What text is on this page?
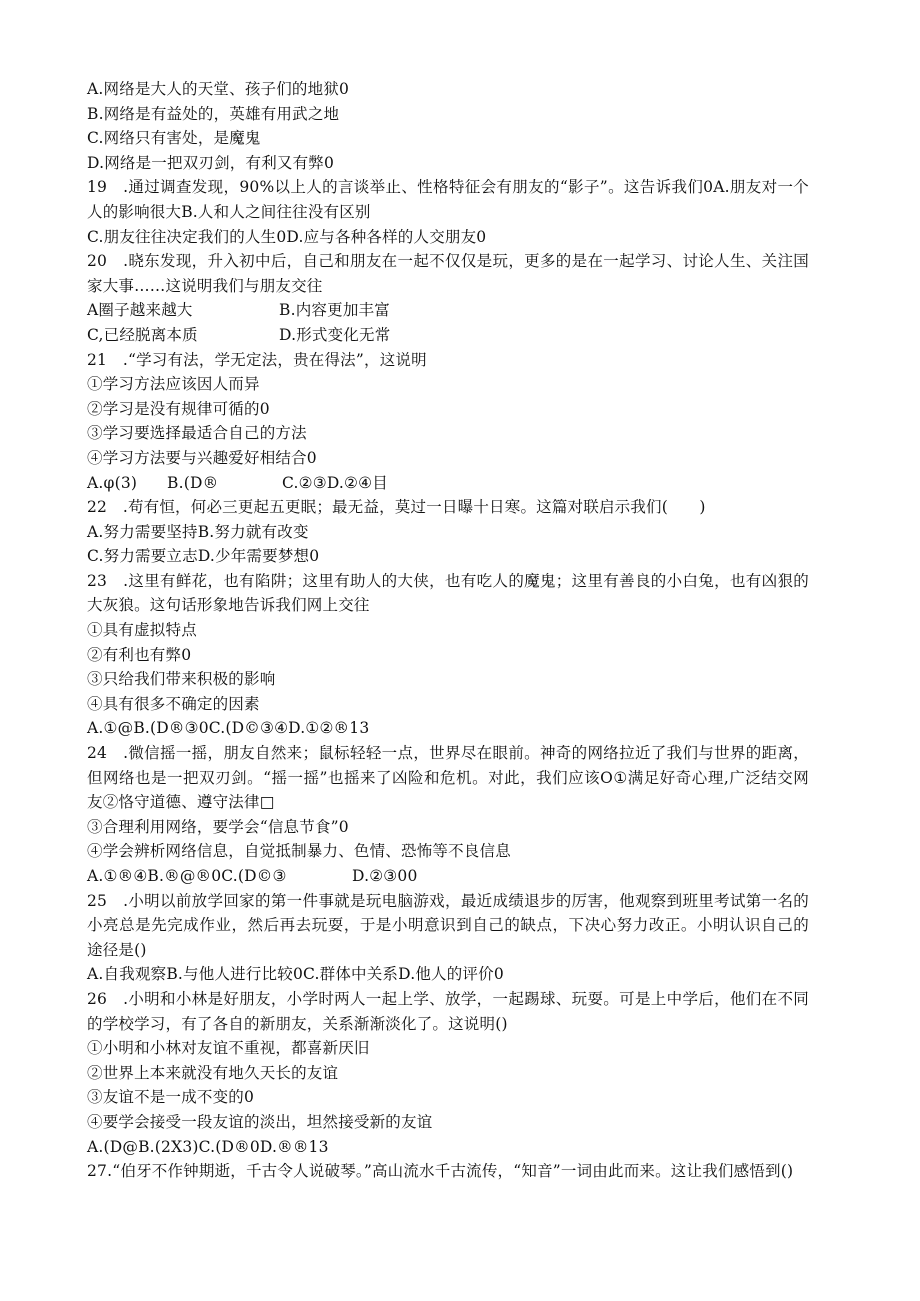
A.网络是大人的天堂、孩子们的地狱0
B.网络是有益处的，英雄有用武之地
C.网络只有害处，是魔鬼
D.网络是一把双刃剑，有利又有弊0
19　.通过调查发现，90%以上人的言谈举止、性格特征会有朋友的“影子”。这告诉我们0A.朋友对一个人的影响很大B.人和人之间往往没有区别
C.朋友往往决定我们的人生0D.应与各种各样的人交朋友0
20　.晓东发现，升入初中后，自己和朋友在一起不仅仅是玩，更多的是在一起学习、讨论人生、关注国家大事……这说明我们与朋友交往
A圈子越来越大	B.内容更加丰富
C,已经脱离本质	D.形式变化无常
21　.“学习有法，学无定法，贵在得法”，这说明
①学习方法应该因人而异
②学习是没有规律可循的0
③学习要选择最适合自己的方法
④学习方法要与兴趣爱好相结合0
A.φ(3)	B.(D®	C.②③D.②④目
22　.苟有恒，何必三更起五更眠；最无益，莫过一日曝十日寒。这篇对联启示我们(　　)
A.努力需要坚持B.努力就有改变
C.努力需要立志D.少年需要梦想0
23　.这里有鲜花，也有陷阱；这里有助人的大侠，也有吃人的魔鬼；这里有善良的小白兔，也有凶狠的大灰狼。这句话形象地告诉我们网上交往
①具有虚拟特点
②有利也有弊0
③只给我们带来积极的影响
④具有很多不确定的因素
A.①@B.(D®③0C.(D©③④D.①②®13
24　.微信摇一摇，朋友自然来；鼠标轻轻一点，世界尽在眼前。神奇的网络拉近了我们与世界的距离，但网络也是一把双刃剑。“摇一摇”也摇来了凶险和危机。对此，我们应该O①满足好奇心理,广泛结交网友②恪守道德、遵守法律□
③合理利用网络，要学会“信息节食”0
④学会辨析网络信息，自觉抵制暴力、色情、恐怖等不良信息
A.①®④B.®@®0C.(D©③	D.②③00
25　.小明以前放学回家的第一件事就是玩电脑游戏，最近成绩退步的厉害，他观察到班里考试第一名的小亮总是先完成作业，然后再去玩耍，于是小明意识到自己的缺点，下决心努力改正。小明认识自己的途径是()
A.自我观察B.与他人进行比较0C.群体中关系D.他人的评价0
26　.小明和小林是好朋友，小学时两人一起上学、放学，一起踢球、玩耍。可是上中学后，他们在不同的学校学习，有了各自的新朋友，关系渐渐淡化了。这说明()
①小明和小林对友谊不重视，都喜新厌旧
②世界上本来就没有地久天长的友谊
③友谊不是一成不变的0
④要学会接受一段友谊的淡出，坦然接受新的友谊
A.(D@B.(2X3)C.(D®0D.®®13
27.“伯牙不作钟期逝，千古令人说破琴。”高山流水千古流传，“知音”一词由此而来。这让我们感悟到()
